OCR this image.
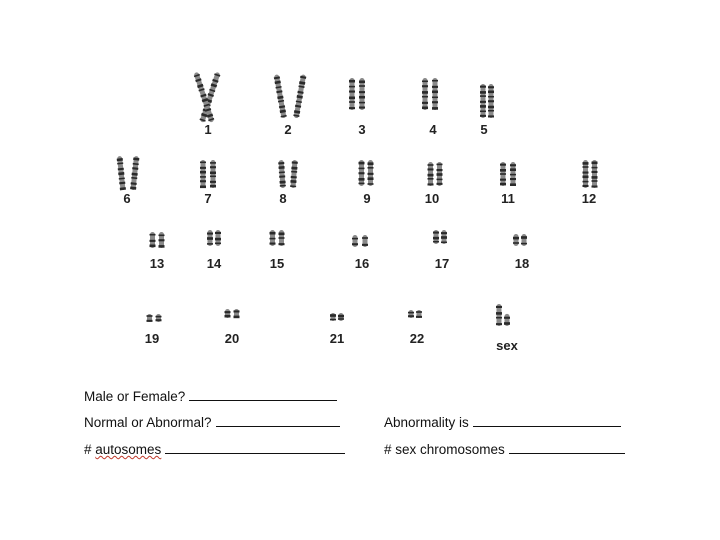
1	2	3	4	5
6	7	8	9	10	11	12
13	14	15	16	17	18
19	20	21	22	sex
Male or Female?
Normal or Abnormal?	Abnormality is
# autosomes	# sex chromosomes
